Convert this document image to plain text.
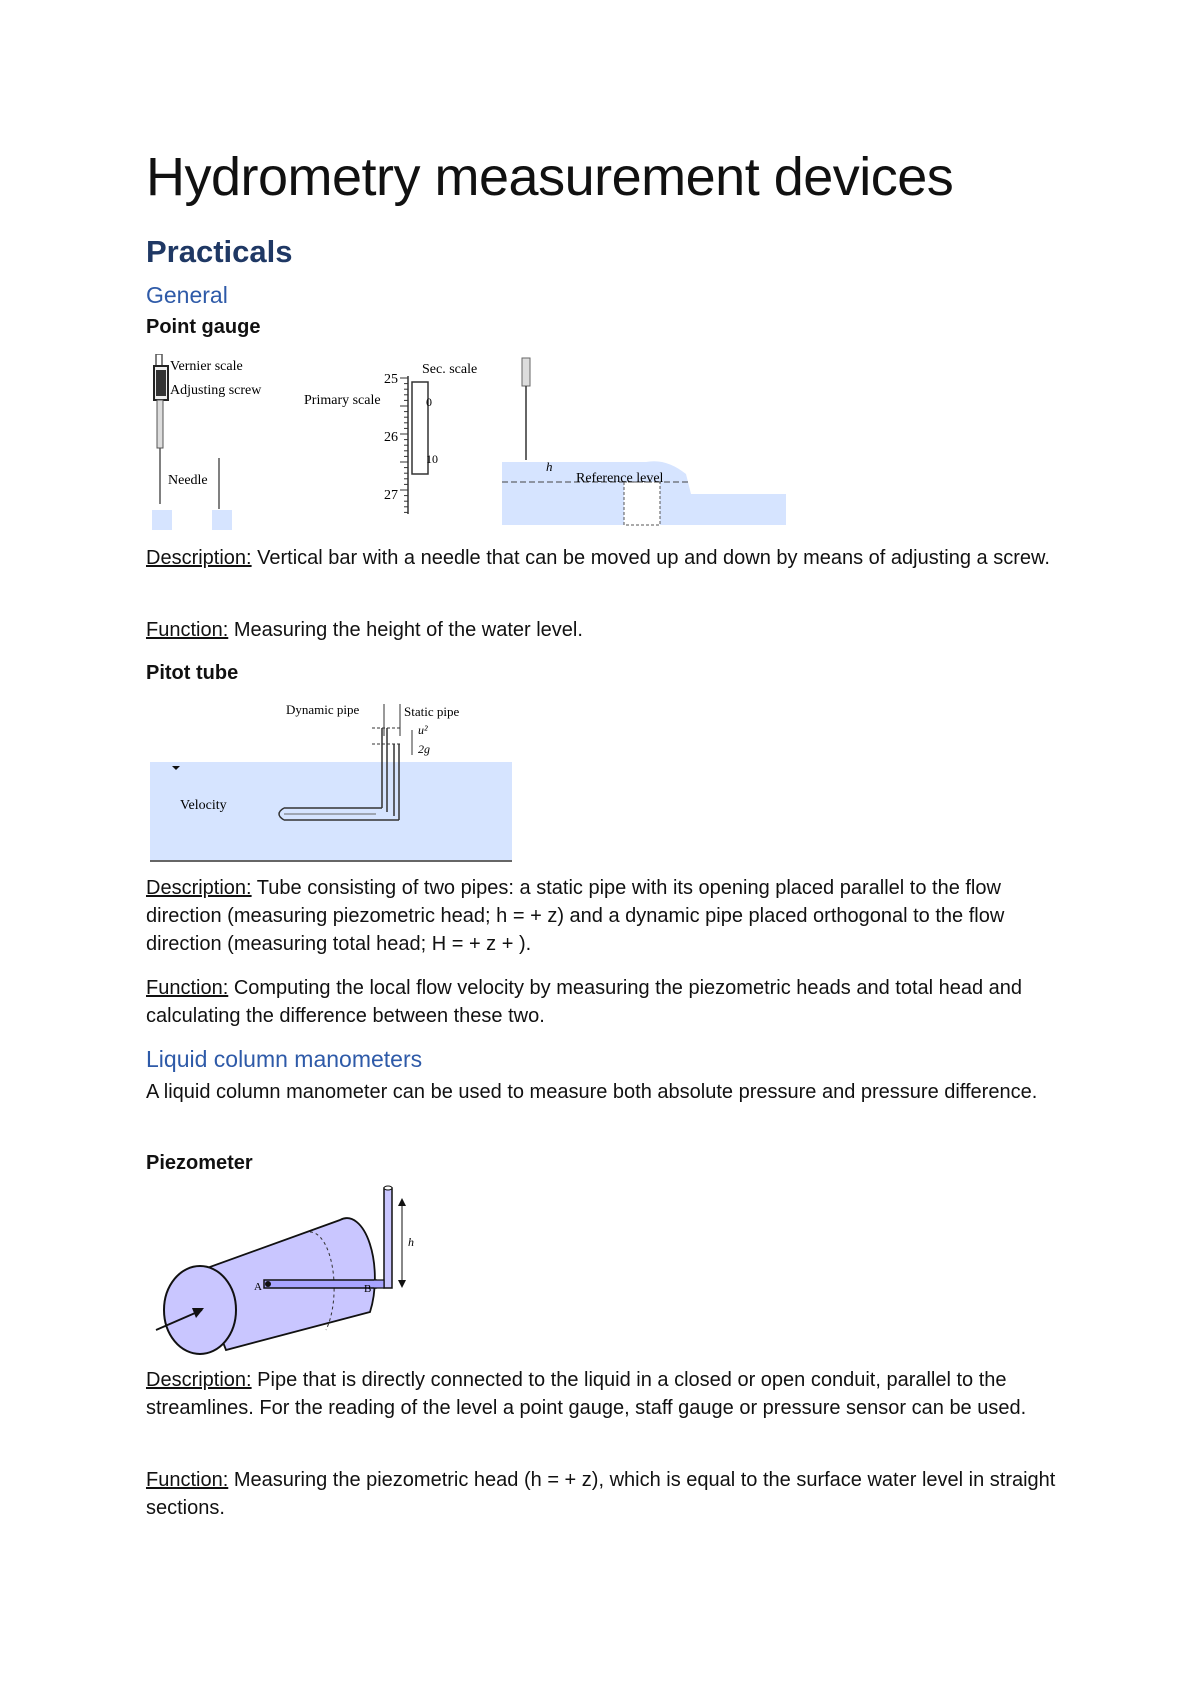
Hydrometry measurement devices
Practicals
General
Point gauge
Vernier scale
Adjusting screw
Needle
Primary scale
25
26
27
Sec. scale
0
10	h
Reference level

Description: Vertical bar with a needle that can be moved up and down by means of adjusting a screw.

Function: Measuring the height of the water level.

Pitot tube
Dynamic pipe	Static pipe
u²
2g
Velocity

Description: Tube consisting of two pipes: a static pipe with its opening placed parallel to the flow direction (measuring piezometric head; h = + z) and a dynamic pipe placed orthogonal to the flow direction (measuring total head; H = + z + ).

Function: Computing the local flow velocity by measuring the piezometric heads and total head and calculating the difference between these two.

Liquid column manometers

A liquid column manometer can be used to measure both absolute pressure and pressure difference.

Piezometer
A	B
h

Description: Pipe that is directly connected to the liquid in a closed or open conduit, parallel to the streamlines. For the reading of the level a point gauge, staff gauge or pressure sensor can be used.

Function: Measuring the piezometric head (h = + z), which is equal to the surface water level in straight sections.
